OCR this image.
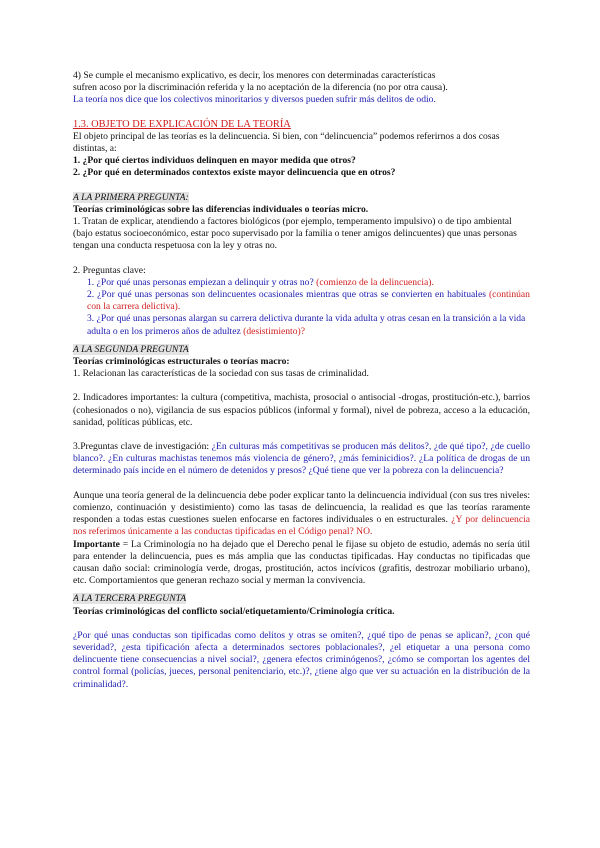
4) Se cumple el mecanismo explicativo, es decir, los menores con determinadas características

sufren acoso por la discriminación referida y la no aceptación de la diferencia (no por otra causa).

La teoría nos dice que los colectivos minoritarios y diversos pueden sufrir más delitos de odio.

1.3. OBJETO DE EXPLICACIÓN DE LA TEORÍA

El objeto principal de las teorías es la delincuencia. Si bien, con “delincuencia” podemos referirnos a dos cosas distintas, a:

1. ¿Por qué ciertos individuos delinquen en mayor medida que otros?

2. ¿Por qué en determinados contextos existe mayor delincuencia que en otros?

A LA PRIMERA PREGUNTA:

Teorías criminológicas sobre las diferencias individuales o teorías micro.

1. Tratan de explicar, atendiendo a factores biológicos (por ejemplo, temperamento impulsivo) o de tipo ambiental (bajo estatus socioeconómico, estar poco supervisado por la familia o tener amigos delincuentes) que unas personas tengan una conducta respetuosa con la ley y otras no.

2. Preguntas clave:

1. ¿Por qué unas personas empiezan a delinquir y otras no? (comienzo de la delincuencia).

2. ¿Por qué unas personas son delincuentes ocasionales mientras que otras se convierten en habituales (continúan con la carrera delictiva).

3. ¿Por qué unas personas alargan su carrera delictiva durante la vida adulta y otras cesan en la transición a la vida adulta o en los primeros años de adultez (desistimiento)?

A LA SEGUNDA PREGUNTA

Teorías criminológicas estructurales o teorías macro:

1. Relacionan las características de la sociedad con sus tasas de criminalidad.

2. Indicadores importantes: la cultura (competitiva, machista, prosocial o antisocial -drogas, prostitución-etc.), barrios (cohesionados o no), vigilancia de sus espacios públicos (informal y formal), nivel de pobreza, acceso a la educación, sanidad, políticas públicas, etc.

3.Preguntas clave de investigación: ¿En culturas más competitivas se producen más delitos?, ¿de qué tipo?, ¿de cuello blanco?. ¿En culturas machistas tenemos más violencia de género?, ¿más feminicidios?. ¿La política de drogas de un determinado país incide en el número de detenidos y presos? ¿Qué tiene que ver la pobreza con la delincuencia?

Aunque una teoría general de la delincuencia debe poder explicar tanto la delincuencia individual (con sus tres niveles: comienzo, continuación y desistimiento) como las tasas de delincuencia, la realidad es que las teorías raramente responden a todas estas cuestiones suelen enfocarse en factores individuales o en estructurales. ¿Y por delincuencia nos referimos únicamente a las conductas tipificadas en el Código penal? NO.

Importante = La Criminología no ha dejado que el Derecho penal le fijase su objeto de estudio, además no sería útil para entender la delincuencia, pues es más amplia que las conductas tipificadas. Hay conductas no tipificadas que causan daño social: criminología verde, drogas, prostitución, actos incívicos (grafitis, destrozar mobiliario urbano), etc. Comportamientos que generan rechazo social y merman la convivencia.

A LA TERCERA PREGUNTA

Teorías criminológicas del conflicto social/etiquetamiento/Criminología crítica.

¿Por qué unas conductas son tipificadas como delitos y otras se omiten?, ¿qué tipo de penas se aplican?, ¿con qué severidad?, ¿esta tipificación afecta a determinados sectores poblacionales?, ¿el etiquetar a una persona como delincuente tiene consecuencias a nivel social?, ¿genera efectos criminógenos?, ¿cómo se comportan los agentes del control formal (policías, jueces, personal penitenciario, etc.)?, ¿tiene algo que ver su actuación en la distribución de la criminalidad?.
